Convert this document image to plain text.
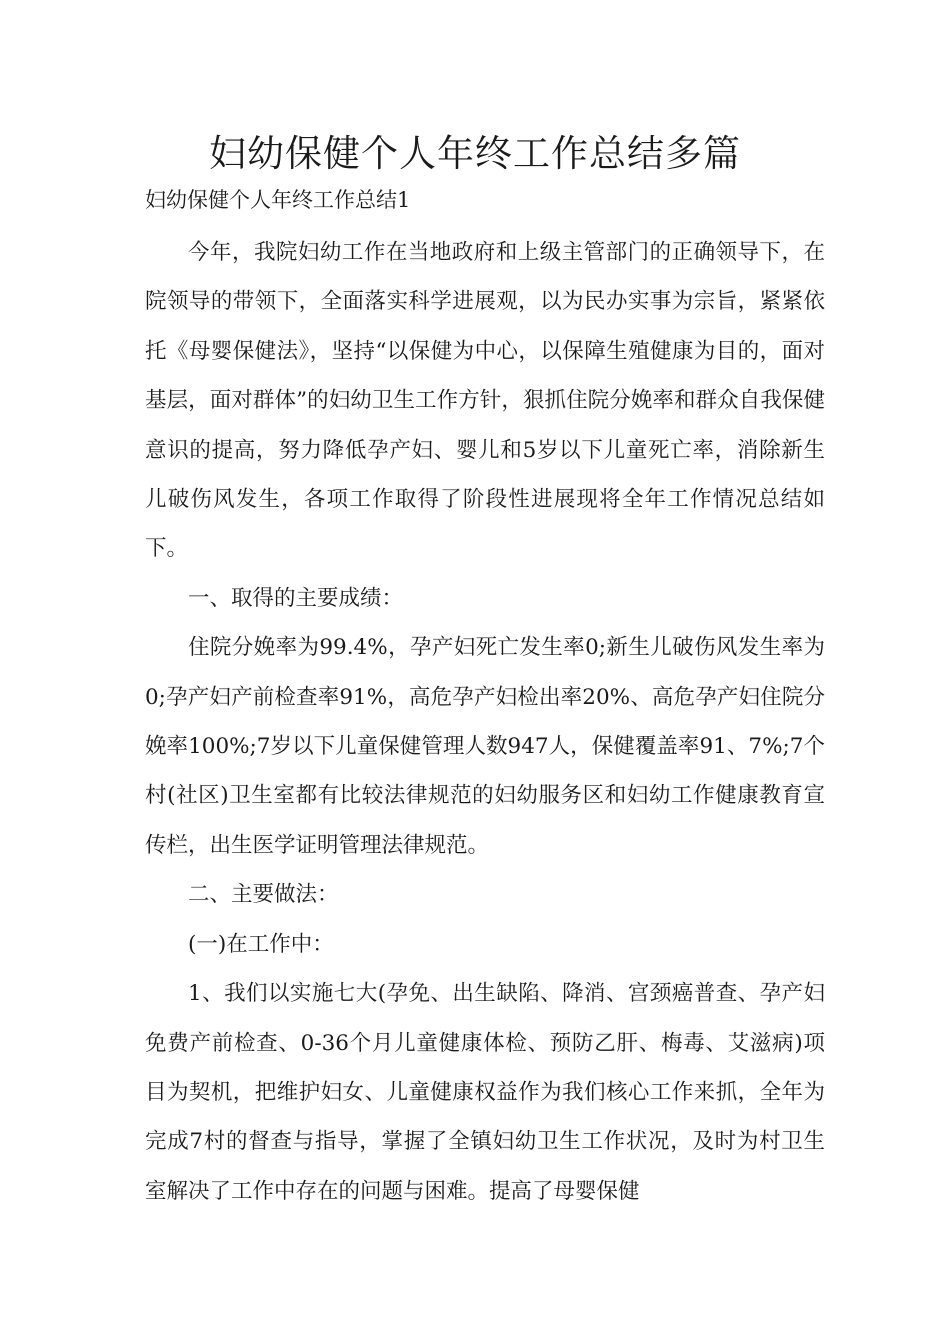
妇幼保健个人年终工作总结多篇
妇幼保健个人年终工作总结1

今年，我院妇幼工作在当地政府和上级主管部门的正确领导下，在院领导的带领下，全面落实科学进展观，以为民办实事为宗旨，紧紧依托《母婴保健法》，坚持“以保健为中心，以保障生殖健康为目的，面对基层，面对群体”的妇幼卫生工作方针，狠抓住院分娩率和群众自我保健意识的提高，努力降低孕产妇、婴儿和5岁以下儿童死亡率，消除新生儿破伤风发生，各项工作取得了阶段性进展现将全年工作情况总结如下。

一、取得的主要成绩：

住院分娩率为99.4%，孕产妇死亡发生率0;新生儿破伤风发生率为0;孕产妇产前检查率91%，高危孕产妇检出率20%、高危孕产妇住院分娩率100%;7岁以下儿童保健管理人数947人，保健覆盖率91、7%;7个村(社区)卫生室都有比较法律规范的妇幼服务区和妇幼工作健康教育宣传栏，出生医学证明管理法律规范。

二、主要做法：

(一)在工作中：

1、我们以实施七大(孕免、出生缺陷、降消、宫颈癌普查、孕产妇免费产前检查、0-36个月儿童健康体检、预防乙肝、梅毒、艾滋病)项目为契机，把维护妇女、儿童健康权益作为我们核心工作来抓，全年为完成7村的督查与指导，掌握了全镇妇幼卫生工作状况，及时为村卫生室解决了工作中存在的问题与困难。提高了母婴保健
